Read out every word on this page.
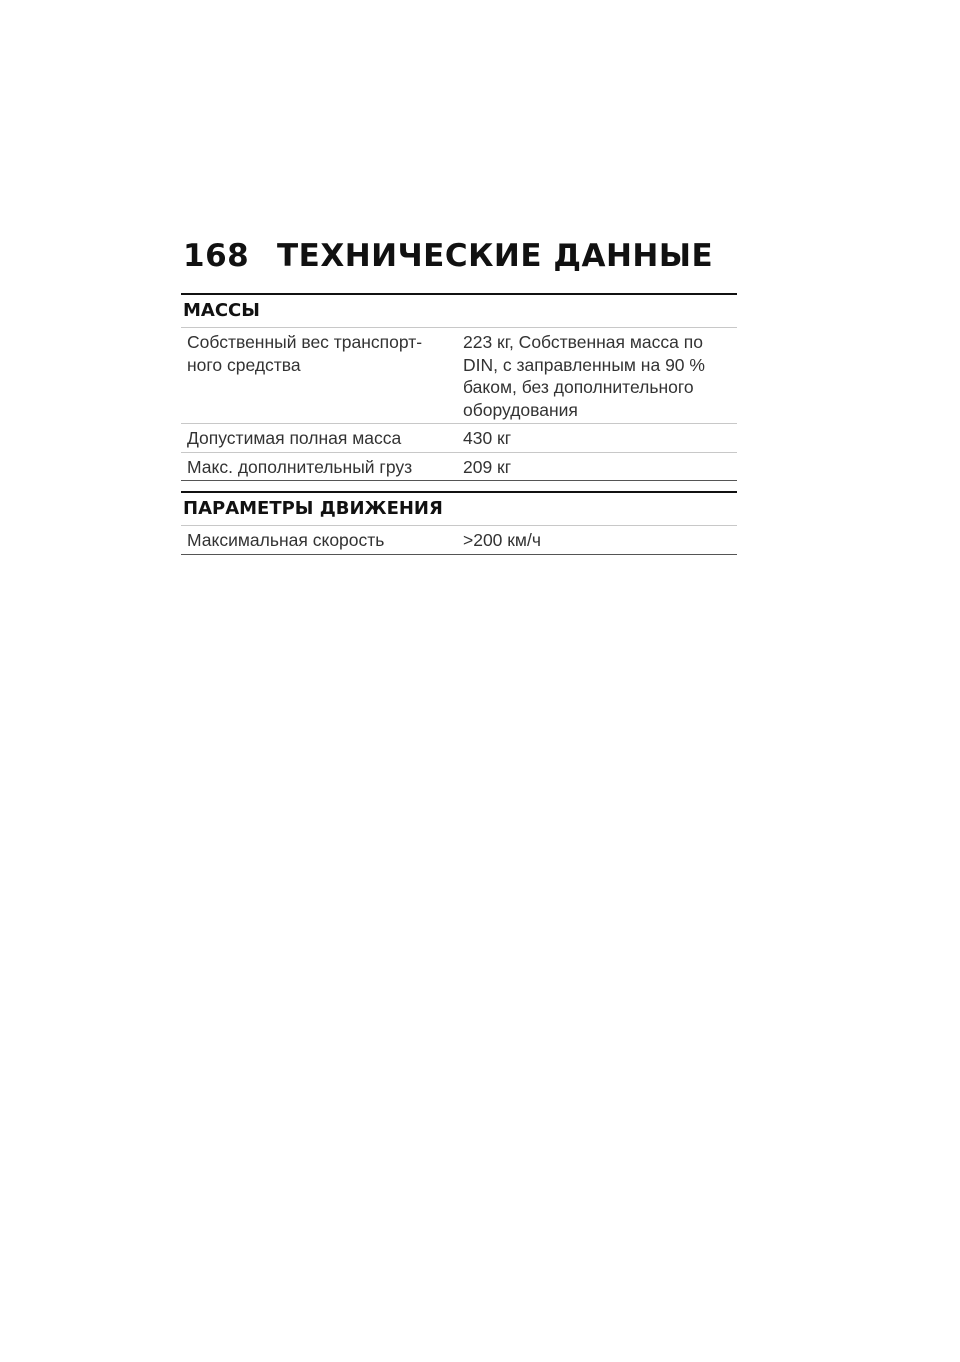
168 ТЕХНИЧЕСКИЕ ДАННЫЕ
МАССЫ
Собственный вес транспорт-
ного средства	223 кг, Собственная масса по
DIN, с заправленным на 90 %
баком, без дополнительного
оборудования
Допустимая полная масса	430 кг
Макс. дополнительный груз	209 кг
ПАРАМЕТРЫ ДВИЖЕНИЯ
Максимальная скорость	>200 км/ч
